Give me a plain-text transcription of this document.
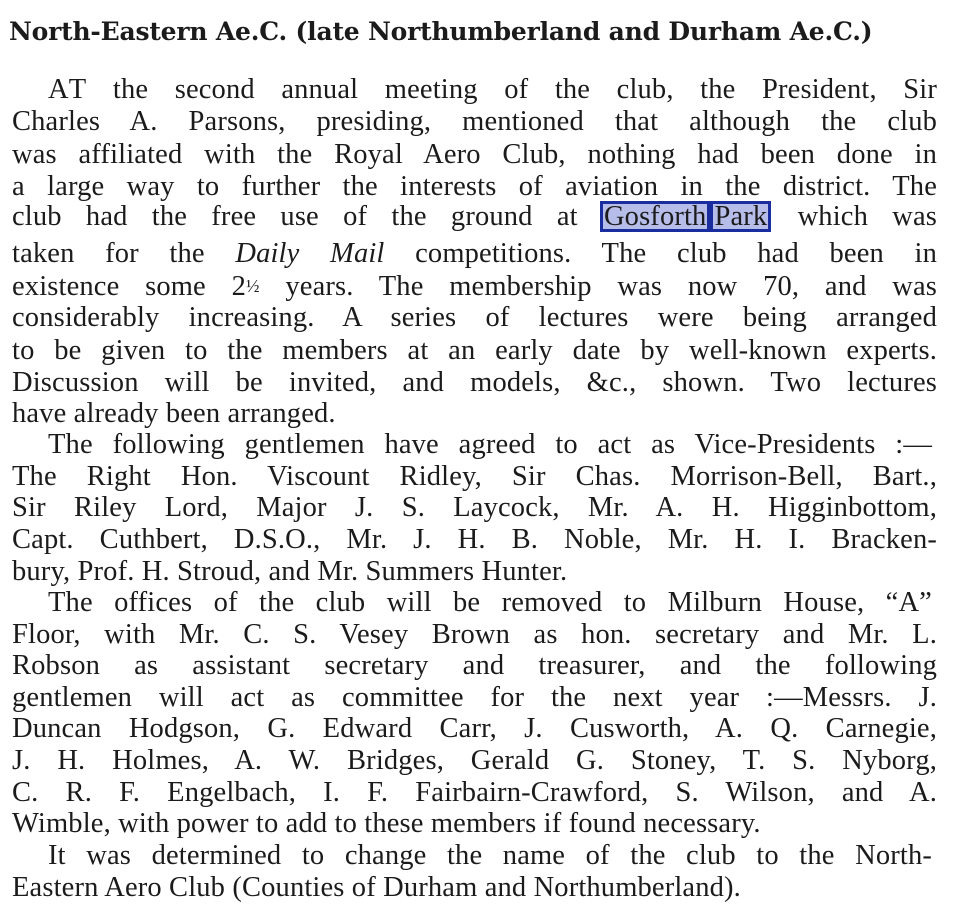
North-Eastern Ae.C. (late Northumberland and Durham Ae.C.)
AT the second annual meeting of the club, the President, Sir
Charles A. Parsons, presiding, mentioned that although the club
was affiliated with the Royal Aero Club, nothing had been done in
a large way to further the interests of aviation in the district. The
club had the free use of the ground at Gosforth Park which was
taken for the Daily Mail competitions. The club had been in
existence some 2½ years. The membership was now 70, and was
considerably increasing. A series of lectures were being arranged
to be given to the members at an early date by well-known experts.
Discussion will be invited, and models, &c., shown. Two lectures
have already been arranged.
The following gentlemen have agreed to act as Vice-Presidents :—
The Right Hon. Viscount Ridley, Sir Chas. Morrison-Bell, Bart.,
Sir Riley Lord, Major J. S. Laycock, Mr. A. H. Higginbottom,
Capt. Cuthbert, D.S.O., Mr. J. H. B. Noble, Mr. H. I. Bracken-
bury, Prof. H. Stroud, and Mr. Summers Hunter.
The offices of the club will be removed to Milburn House, “A”
Floor, with Mr. C. S. Vesey Brown as hon. secretary and Mr. L.
Robson as assistant secretary and treasurer, and the following
gentlemen will act as committee for the next year :—Messrs. J.
Duncan Hodgson, G. Edward Carr, J. Cusworth, A. Q. Carnegie,
J. H. Holmes, A. W. Bridges, Gerald G. Stoney, T. S. Nyborg,
C. R. F. Engelbach, I. F. Fairbairn-Crawford, S. Wilson, and A.
Wimble, with power to add to these members if found necessary.
It was determined to change the name of the club to the North-
Eastern Aero Club (Counties of Durham and Northumberland).
